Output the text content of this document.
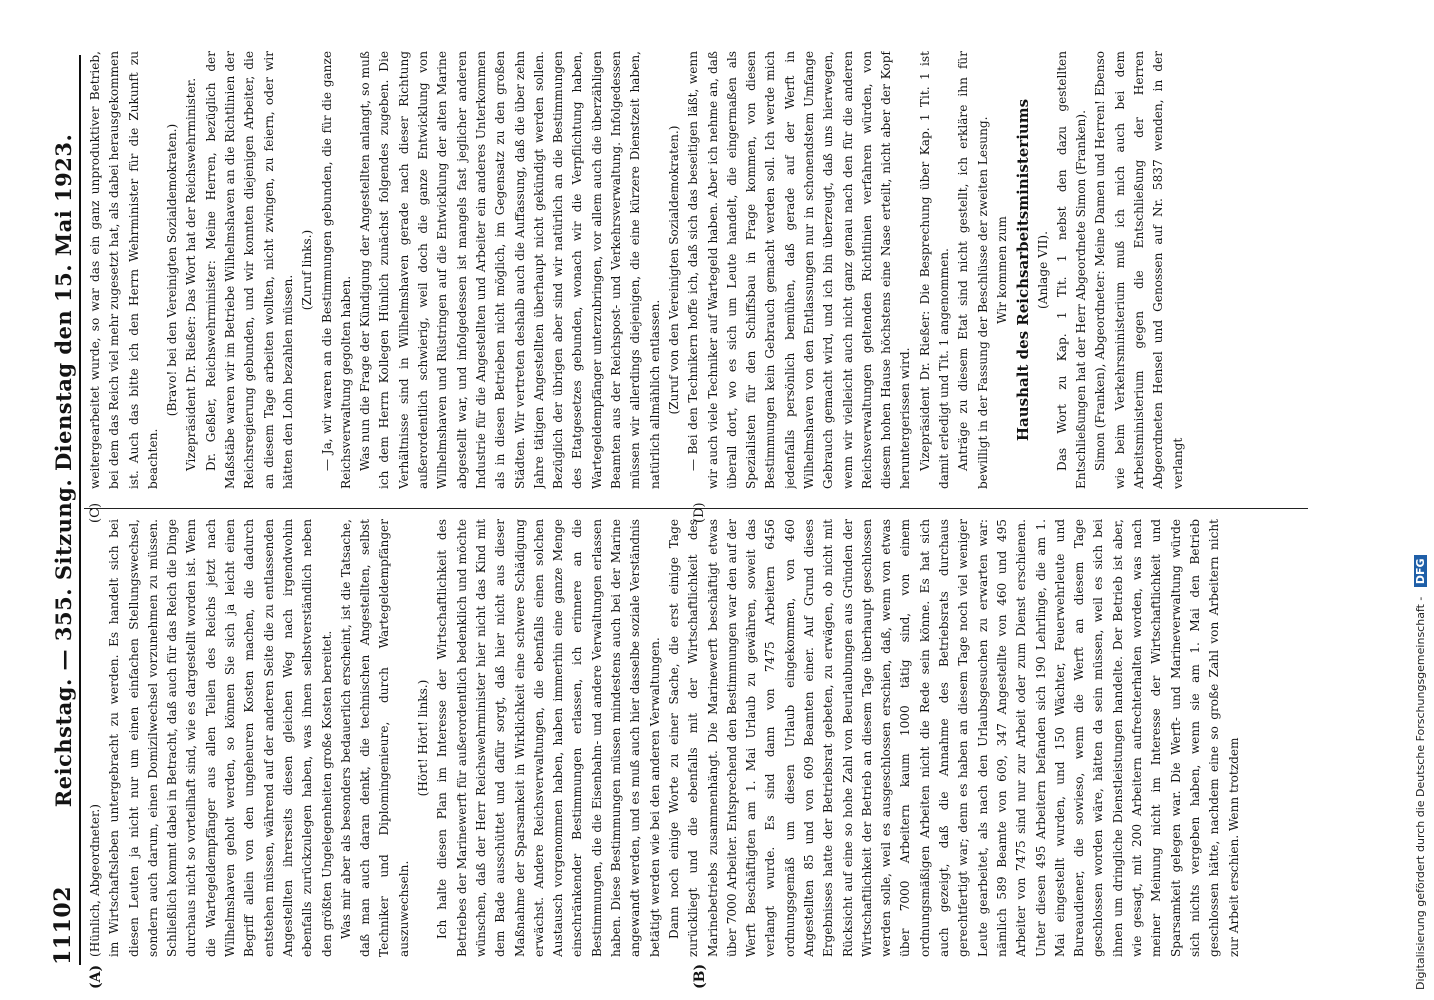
11102
Reichstag. — 355. Sitzung. Dienstag den 15. Mai 1923.
(A)	(B)
(C)	(D)

(Hünlich, Abgeordneter.) im Wirtschaftsleben untergebracht zu werden. Es handelt sich bei diesen Leuten ja nicht nur um einen einfachen Stellungswechsel, sondern auch darum, einen Domizilwechsel vorzunehmen zu müssen. Schließlich kommt dabei in Betracht, daß auch für das Reich die Dinge durchaus nicht so vorteilhaft sind, wie es dargestellt worden ist. Wenn die Wartegeldempfänger aus allen Teilen des Reichs jetzt nach Wilhelmshaven geholt werden, so können Sie sich ja leicht einen Begriff allein von den ungeheuren Kosten machen, die dadurch entstehen müssen, während auf der anderen Seite die zu entlassenden Angestellten ihrerseits diesen gleichen Weg nach irgendwohin ebenfalls zurückzulegen haben, was ihnen selbstverständlich neben den größten Ungelegenheiten große Kosten bereitet. Was mir aber als besonders bedauerlich erscheint, ist die Tatsache, daß man auch daran denkt, die technischen Angestellten, selbst Techniker und Diplomingenieure, durch Wartegeldempfänger auszuwechseln.

(Hört! Hört! links.) Ich halte diesen Plan im Interesse der Wirtschaftlichkeit des Betriebes der Marinewerft für außerordentlich bedenklich und möchte wünschen, daß der Herr Reichswehrminister hier nicht das Kind mit dem Bade ausschüttet und dafür sorgt, daß hier nicht aus dieser Maßnahme der Sparsamkeit in Wirklichkeit eine schwere Schädigung erwächst. Andere Reichsverwaltungen, die ebenfalls einen solchen Austausch vorgenommen haben, haben immerhin eine ganze Menge einschränkender Bestimmungen erlassen, ich erinnere an die Bestimmungen, die die Eisenbahn- und andere Verwaltungen erlassen haben. Diese Bestimmungen müssen mindestens auch bei der Marine angewandt werden, und es muß auch hier dasselbe soziale Verständnis betätigt werden wie bei den anderen Verwaltungen. Dann noch einige Worte zu einer Sache, die erst einige Tage zurückliegt und die ebenfalls mit der Wirtschaftlichkeit des Marinebetriebs zusammenhängt. Die Marinewerft beschäftigt etwas über 7000 Arbeiter. Entsprechend den Bestimmungen war den auf der Werft Beschäftigten am 1. Mai Urlaub zu gewähren, soweit das verlangt wurde. Es sind dann von 7475 Arbeitern 6456 ordnungsgemäß um diesen Urlaub eingekommen, von 460 Angestellten 85 und von 609 Beamten einer. Auf Grund dieses Ergebnisses hatte der Betriebsrat gebeten, zu erwägen, ob nicht mit Rücksicht auf eine so hohe Zahl von Beurlaubungen aus Gründen der Wirtschaftlichkeit der Betrieb an diesem Tage überhaupt geschlossen werden solle, weil es ausgeschlossen erschien, daß, wenn von etwas über 7000 Arbeitern kaum 1000 tätig sind, von einem ordnungsmäßigen Arbeiten nicht die Rede sein könne. Es hat sich auch gezeigt, daß die Annahme des Betriebsrats durchaus gerechtfertigt war; denn es haben an diesem Tage noch viel weniger Leute gearbeitet, als nach den Urlaubsgesuchen zu erwarten war: nämlich 589 Beamte von 609, 347 Angestellte von 460 und 495 Arbeiter von 7475 sind nur zur Arbeit oder zum Dienst erschienen. Unter diesen 495 Arbeitern befanden sich 190 Lehrlinge, die am 1. Mai eingestellt wurden, und 150 Wächter, Feuerwehrleute und Bureaudiener, die sowieso, wenn die Werft an diesem Tage geschlossen worden wäre, hätten da sein müssen, weil es sich bei ihnen um dringliche Dienstleistungen handelte. Der Betrieb ist aber, wie gesagt, mit 200 Arbeitern aufrechterhalten worden, was nach meiner Meinung nicht im Interesse der Wirtschaftlichkeit und Sparsamkeit gelegen war. Die Werft- und Marineverwaltung würde sich nichts vergeben haben, wenn sie am 1. Mai den Betrieb geschlossen hätte, nachdem eine so große Zahl von Arbeitern nicht zur Arbeit erschien. Wenn trotzdem

weitergearbeitet wurde, so war das ein ganz unproduktiver Betrieb, bei dem das Reich viel mehr zugesetzt hat, als dabei herausgekommen ist. Auch das bitte ich den Herrn Wehrminister für die Zukunft zu beachten.

(Bravo! bei den Vereinigten Sozialdemokraten.) Vizepräsident Dr. Rießer: Das Wort hat der Reichswehrminister. Dr. Geßler, Reichswehrminister: Meine Herren, bezüglich der Maßstäbe waren wir im Betriebe Wilhelmshaven an die Richtlinien der Reichsregierung gebunden, und wir konnten diejenigen Arbeiter, die an diesem Tage arbeiten wollten, nicht zwingen, zu feiern, oder wir hätten den Lohn bezahlen müssen.

(Zuruf links.) — Ja, wir waren an die Bestimmungen gebunden, die für die ganze Reichsverwaltung gegolten haben. Was nun die Frage der Kündigung der Angestellten anlangt, so muß ich dem Herrn Kollegen Hünlich zunächst folgendes zugeben. Die Verhältnisse sind in Wilhelmshaven gerade nach dieser Richtung außerordentlich schwierig, weil doch die ganze Entwicklung von Wilhelmshaven und Rüstringen auf die Entwicklung der alten Marine abgestellt war, und infolgedessen ist mangels fast jeglicher anderen Industrie für die Angestellten und Arbeiter ein anderes Unterkommen als in diesen Betrieben nicht möglich, im Gegensatz zu den großen Städten. Wir vertreten deshalb auch die Auffassung, daß die über zehn Jahre tätigen Angestellten überhaupt nicht gekündigt werden sollen. Bezüglich der übrigen aber sind wir natürlich an die Bestimmungen des Etatgesetzes gebunden, wonach wir die Verpflichtung haben, Wartegeldempfänger unterzubringen, vor allem auch die überzähligen Beamten aus der Reichspost- und Verkehrsverwaltung. Infolgedessen müssen wir allerdings diejenigen, die eine kürzere Dienstzeit haben, natürlich allmählich entlassen. (Zuruf von den Vereinigten Sozialdemokraten.) — Bei den Technikern hoffe ich, daß sich das beseitigen läßt, wenn wir auch viele Techniker auf Wartegeld haben. Aber ich nehme an, daß überall dort, wo es sich um Leute handelt, die eingermaßen als Spezialisten für den Schiffsbau in Frage kommen, von diesen Bestimmungen kein Gebrauch gemacht werden soll. Ich werde mich jedenfalls persönlich bemühen, daß gerade auf der Werft in Wilhelmshaven von den Entlassungen nur in schonendstem Umfange Gebrauch gemacht wird, und ich bin überzeugt, daß uns hierwegen, wenn wir vielleicht auch nicht ganz genau nach den für die anderen Reichsverwaltungen geltenden Richtlinien verfahren würden, von diesem hohen Hause höchstens eine Nase erteilt, nicht aber der Kopf heruntergerissen wird. Vizepräsident Dr. Rießer: Die Besprechung über Kap. 1 Tit. 1 ist damit erledigt und Tit. 1 angenommen. Anträge zu diesem Etat sind nicht gestellt, ich erkläre ihn für bewilligt in der Fassung der Beschlüsse der zweiten Lesung. Wir kommen zum Haushalt des Reichsarbeitsministeriums (Anlage VII). Das Wort zu Kap. 1 Tit. 1 nebst den dazu gestellten Entschließungen hat der Herr Abgeordnete Simon (Franken). Simon (Franken), Abgeordneter: Meine Damen und Herren! Ebenso wie beim Verkehrsministerium muß ich mich auch bei dem Arbeitsministerium gegen die Entschließung der Herren Abgeordneten Hensel und Genossen auf Nr. 5837 wenden, in der verlangt

Digitalisierung gefördert durch die Deutsche Forschungsgemeinschaft - DFG
